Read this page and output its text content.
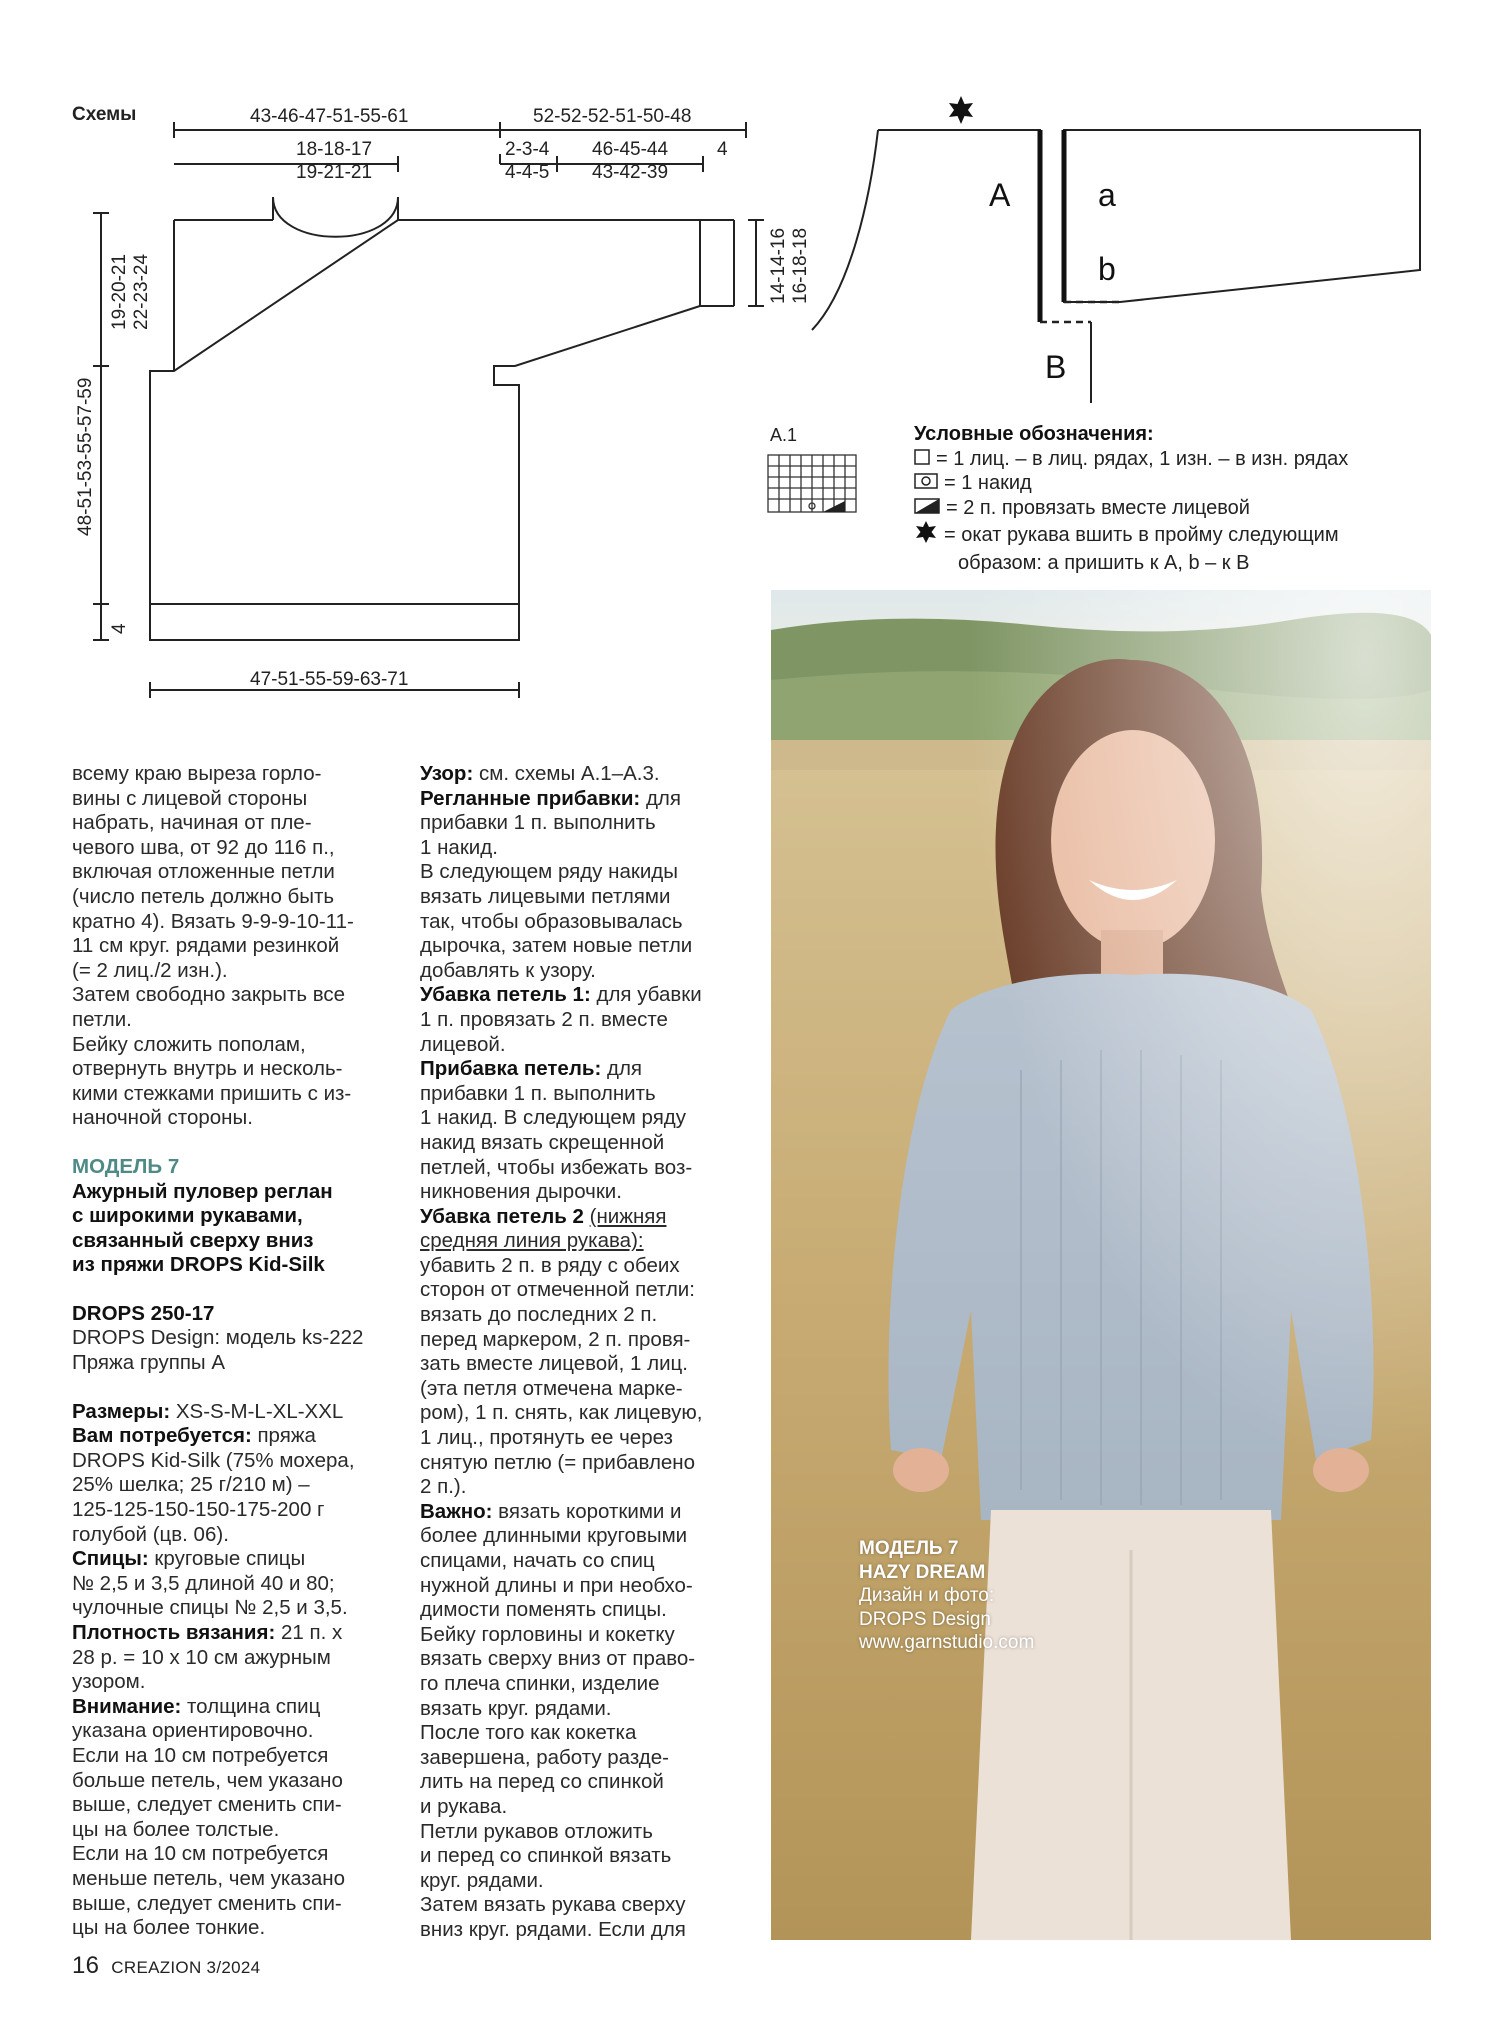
Схемы	43-46-47-51-55-61	52-52-52-51-50-48
18-18-17
19-21-21
2-3-4
4-4-5
46-45-44
43-42-39
4
19-20-21 22-23-24
48-51-53-55-57-59
4
14-14-16 16-18-18
47-51-55-59-63-71
A	a
b
B
A.1	Условные обозначения:
= 1 лиц. – в лиц. рядах, 1 изн. – в изн. рядах
= 1 накид
= 2 п. провязать вместе лицевой
= окат рукава вшить в пройму следующим
образом: a пришить к A, b – к B

всему краю выреза горло-
вины с лицевой стороны
набрать, начиная от пле-
чевого шва, от 92 до 116 п.,
включая отложенные петли
(число петель должно быть
кратно 4). Вязать 9-9-9-10-11-
11 см круг. рядами резинкой
(= 2 лиц./2 изн.).
Затем свободно закрыть все
петли.
Бейку сложить пополам,
отвернуть внутрь и несколь-
кими стежками пришить с из-
наночной стороны.

МОДЕЛЬ 7

Ажурный пуловер реглан
с широкими рукавами,
связанный сверху вниз
из пряжи DROPS Kid-Silk

DROPS 250-17

DROPS Design: модель ks-222
Пряжа группы A

Размеры: XS-S-M-L-XL-XXL

Вам потребуется: пряжа
DROPS Kid-Silk (75% мохера,
25% шелка; 25 г/210 м) –
125-125-150-150-175-200 г
голубой (цв. 06).

Спицы: круговые спицы
№ 2,5 и 3,5 длиной 40 и 80;
чулочные спицы № 2,5 и 3,5.

Плотность вязания: 21 п. х
28 р. = 10 х 10 см ажурным
узором.

Внимание: толщина спиц
указана ориентировочно.
Если на 10 см потребуется
больше петель, чем указано
выше, следует сменить спи-
цы на более толстые.
Если на 10 см потребуется
меньше петель, чем указано
выше, следует сменить спи-
цы на более тонкие.

Узор: см. схемы A.1–A.3.

Регланные прибавки: для
прибавки 1 п. выполнить
1 накид.
В следующем ряду накиды
вязать лицевыми петлями
так, чтобы образовывалась
дырочка, затем новые петли
добавлять к узору.

Убавка петель 1: для убавки
1 п. провязать 2 п. вместе
лицевой.

Прибавка петель: для
прибавки 1 п. выполнить
1 накид. В следующем ряду
накид вязать скрещенной
петлей, чтобы избежать воз-
никновения дырочки.

Убавка петель 2 (нижняя
средняя линия рукава):
убавить 2 п. в ряду с обеих
сторон от отмеченной петли:
вязать до последних 2 п.
перед маркером, 2 п. провя-
зать вместе лицевой, 1 лиц.
(эта петля отмечена марке-
ром), 1 п. снять, как лицевую,
1 лиц., протянуть ее через
снятую петлю (= прибавлено
2 п.).

Важно: вязать короткими и
более длинными круговыми
спицами, начать со спиц
нужной длины и при необхо-
димости поменять спицы.
Бейку горловины и кокетку
вязать сверху вниз от право-
го плеча спинки, изделие
вязать круг. рядами.
После того как кокетка
завершена, работу разде-
лить на перед со спинкой
и рукава.
Петли рукавов отложить
и перед со спинкой вязать
круг. рядами.
Затем вязать рукава сверху
вниз круг. рядами. Если для

МОДЕЛЬ 7
HAZY DREAM
Дизайн и фото:
DROPS Design
www.garnstudio.com
16 CREAZION 3/2024
